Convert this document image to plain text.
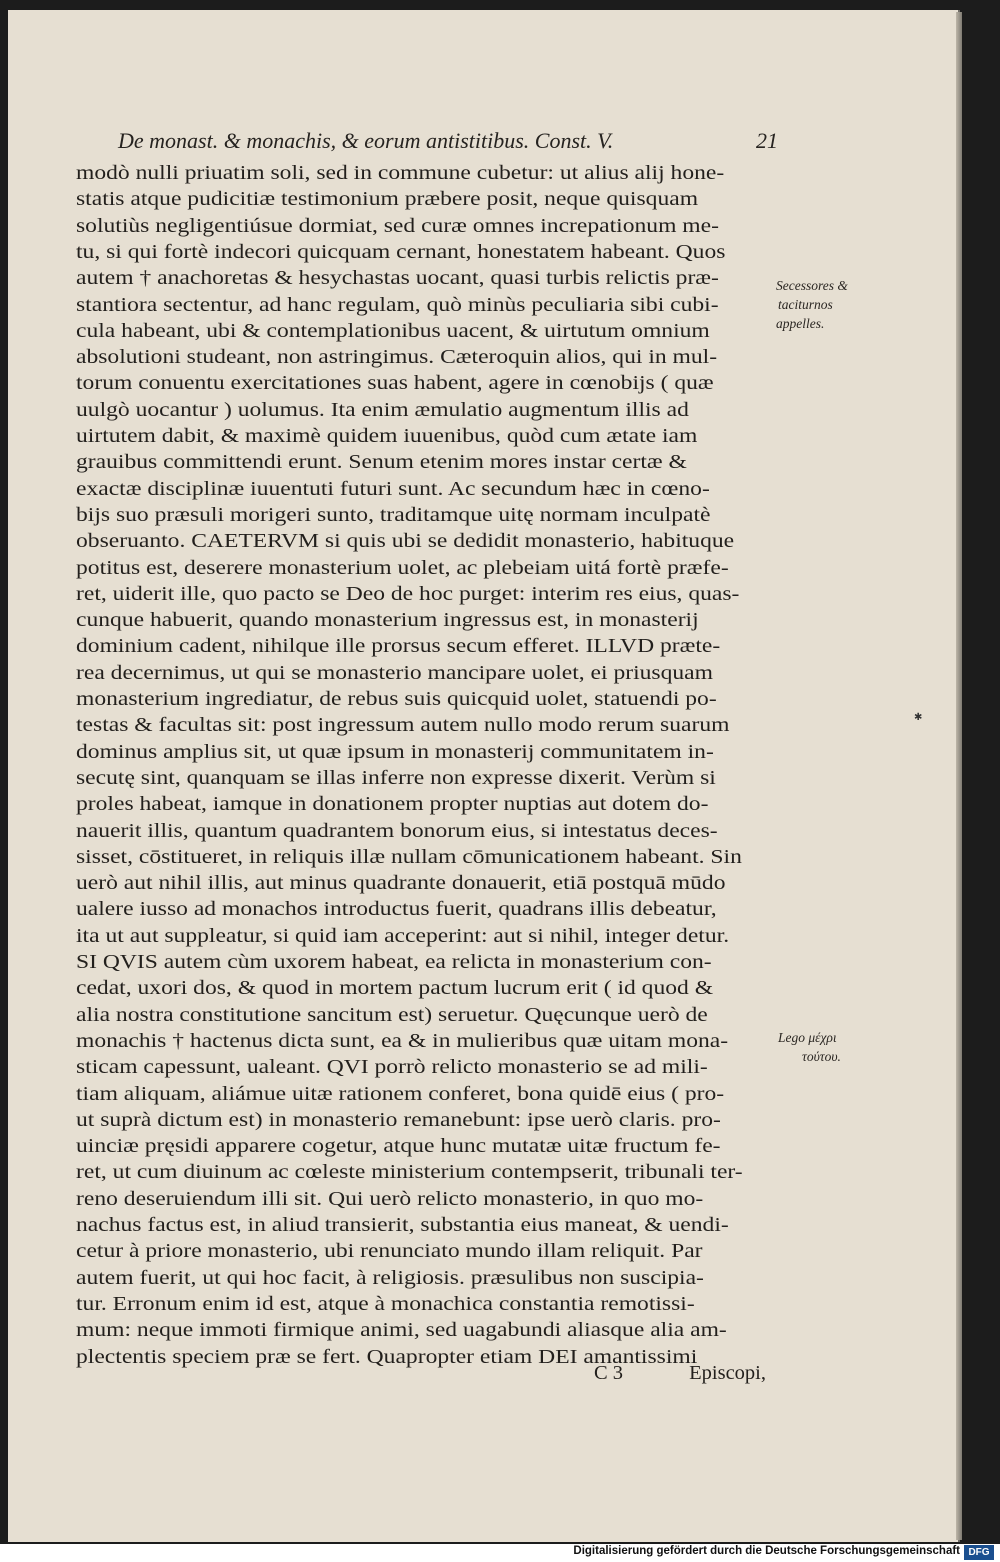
De monast. & monachis, & eorum antistitibus. Const. V.	21
modò nulli priuatim soli, sed in commune cubetur: ut alius alij hone-
statis atque pudicitiæ testimonium præbere posit, neque quisquam
solutiùs negligentiúsue dormiat, sed curæ omnes increpationum me-
tu, si qui fortè indecori quicquam cernant, honestatem habeant. Quos
autem † anachoretas & hesychastas uocant, quasi turbis relictis præ-
stantiora sectentur, ad hanc regulam, quò minùs peculiaria sibi cubi-
cula habeant, ubi & contemplationibus uacent, & uirtutum omnium
absolutioni studeant, non astringimus. Cæteroquin alios, qui in mul-
torum conuentu exercitationes suas habent, agere in cœnobijs ( quæ
uulgò uocantur ) uolumus. Ita enim æmulatio augmentum illis ad
uirtutem dabit, & maximè quidem iuuenibus, quòd cum ætate iam
grauibus committendi erunt. Senum etenim mores instar certæ &
exactæ disciplinæ iuuentuti futuri sunt. Ac secundum hæc in cœno-
bijs suo præsuli morigeri sunto, traditamque uitę normam inculpatè
obseruanto. CAETERVM si quis ubi se dedidit monasterio, habituque
potitus est, deserere monasterium uolet, ac plebeiam uitá fortè præfe-
ret, uiderit ille, quo pacto se Deo de hoc purget: interim res eius, quas-
cunque habuerit, quando monasterium ingressus est, in monasterij
dominium cadent, nihilque ille prorsus secum efferet. ILLVD præte-
rea decernimus, ut qui se monasterio mancipare uolet, ei priusquam
monasterium ingrediatur, de rebus suis quicquid uolet, statuendi po-
testas & facultas sit: post ingressum autem nullo modo rerum suarum
dominus amplius sit, ut quæ ipsum in monasterij communitatem in-
secutę sint, quanquam se illas inferre non expresse dixerit. Verùm si
proles habeat, iamque in donationem propter nuptias aut dotem do-
nauerit illis, quantum quadrantem bonorum eius, si intestatus deces-
sisset, cōstitueret, in reliquis illæ nullam cōmunicationem habeant. Sin
uerò aut nihil illis, aut minus quadrante donauerit, etiā postquā mūdo
ualere iusso ad monachos introductus fuerit, quadrans illis debeatur,
ita ut aut suppleatur, si quid iam acceperint: aut si nihil, integer detur.
SI QVIS autem cùm uxorem habeat, ea relicta in monasterium con-
cedat, uxori dos, & quod in mortem pactum lucrum erit ( id quod &
alia nostra constitutione sancitum est) seruetur. Quęcunque uerò de
monachis † hactenus dicta sunt, ea & in mulieribus quæ uitam mona-
sticam capessunt, ualeant. QVI porrò relicto monasterio se ad mili-
tiam aliquam, aliámue uitæ rationem conferet, bona quidē eius ( pro-
ut suprà dictum est) in monasterio remanebunt: ipse uerò claris. pro-
uinciæ pręsidi apparere cogetur, atque hunc mutatæ uitæ fructum fe-
ret, ut cum diuinum ac cœleste ministerium contempserit, tribunali ter-
reno deseruiendum illi sit. Qui uerò relicto monasterio, in quo mo-
nachus factus est, in aliud transierit, substantia eius maneat, & uendi-
cetur à priore monasterio, ubi renunciato mundo illam reliquit. Par
autem fuerit, ut qui hoc facit, à religiosis. præsulibus non suscipia-
tur. Erronum enim id est, atque à monachica constantia remotissi-
mum: neque immoti firmique animi, sed uagabundi aliasque alia am-
plectentis speciem præ se fert. Quapropter etiam DEI amantissimi
C 3	Episcopi,
Secessores &
taciturnos
appelles.
Lego μέχρι
τούτου.
✱
Digitalisierung gefördert durch die Deutsche Forschungsgemeinschaft DFG
